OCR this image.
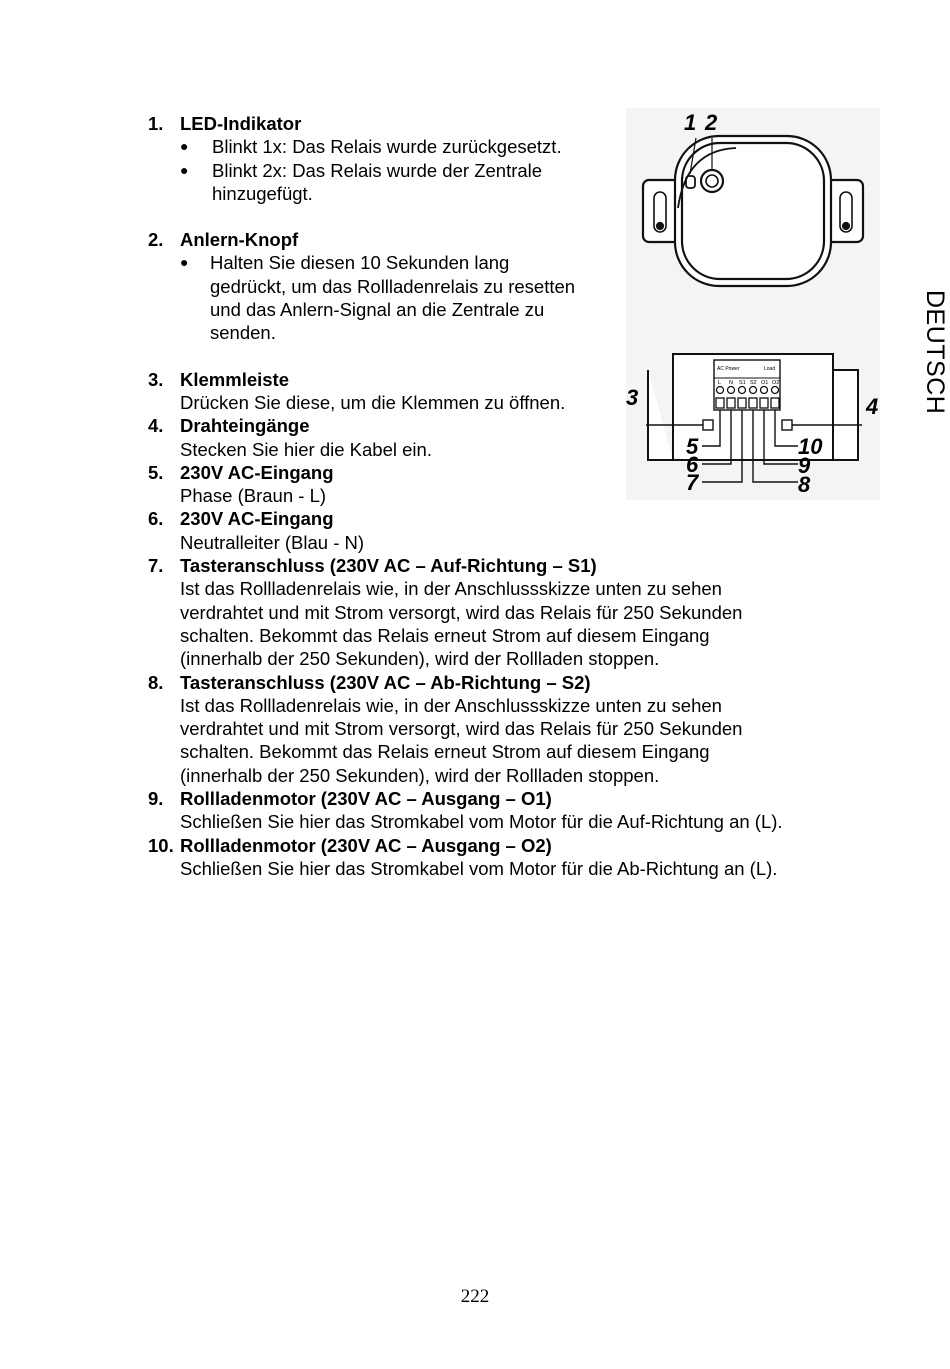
DEUTSCH
1. LED-Indikator
● Blinkt 1x: Das Relais wurde zurückgesetzt.
● Blinkt 2x: Das Relais wurde der Zentrale
hinzugefügt.
2. Anlern-Knopf
● Halten Sie diesen 10 Sekunden lang
gedrückt, um das Rollladenrelais zu resetten
und das Anlern-Signal an die Zentrale zu
senden.
3. Klemmleiste
Drücken Sie diese, um die Klemmen zu öffnen.
4. Drahteingänge
Stecken Sie hier die Kabel ein.
5. 230V AC-Eingang
Phase (Braun - L)
6. 230V AC-Eingang
Neutralleiter (Blau - N)
7. Tasteranschluss (230V AC – Auf-Richtung – S1)
Ist das Rollladenrelais wie, in der Anschlussskizze unten zu sehen
verdrahtet und mit Strom versorgt, wird das Relais für 250 Sekunden
schalten. Bekommt das Relais erneut Strom auf diesem Eingang
(innerhalb der 250 Sekunden), wird der Rollladen stoppen.
8. Tasteranschluss (230V AC – Ab-Richtung – S2)
Ist das Rollladenrelais wie, in der Anschlussskizze unten zu sehen
verdrahtet und mit Strom versorgt, wird das Relais für 250 Sekunden
schalten. Bekommt das Relais erneut Strom auf diesem Eingang
(innerhalb der 250 Sekunden), wird der Rollladen stoppen.
9. Rollladenmotor (230V AC – Ausgang – O1)
Schließen Sie hier das Stromkabel vom Motor für die Auf-Richtung an (L).
10. Rollladenmotor (230V AC – Ausgang – O2)
Schließen Sie hier das Stromkabel vom Motor für die Ab-Richtung an (L).
1 2
AC Power	Load
L N S1 S2 O1 O2
3	4
5
6
7	8
9
10
222
